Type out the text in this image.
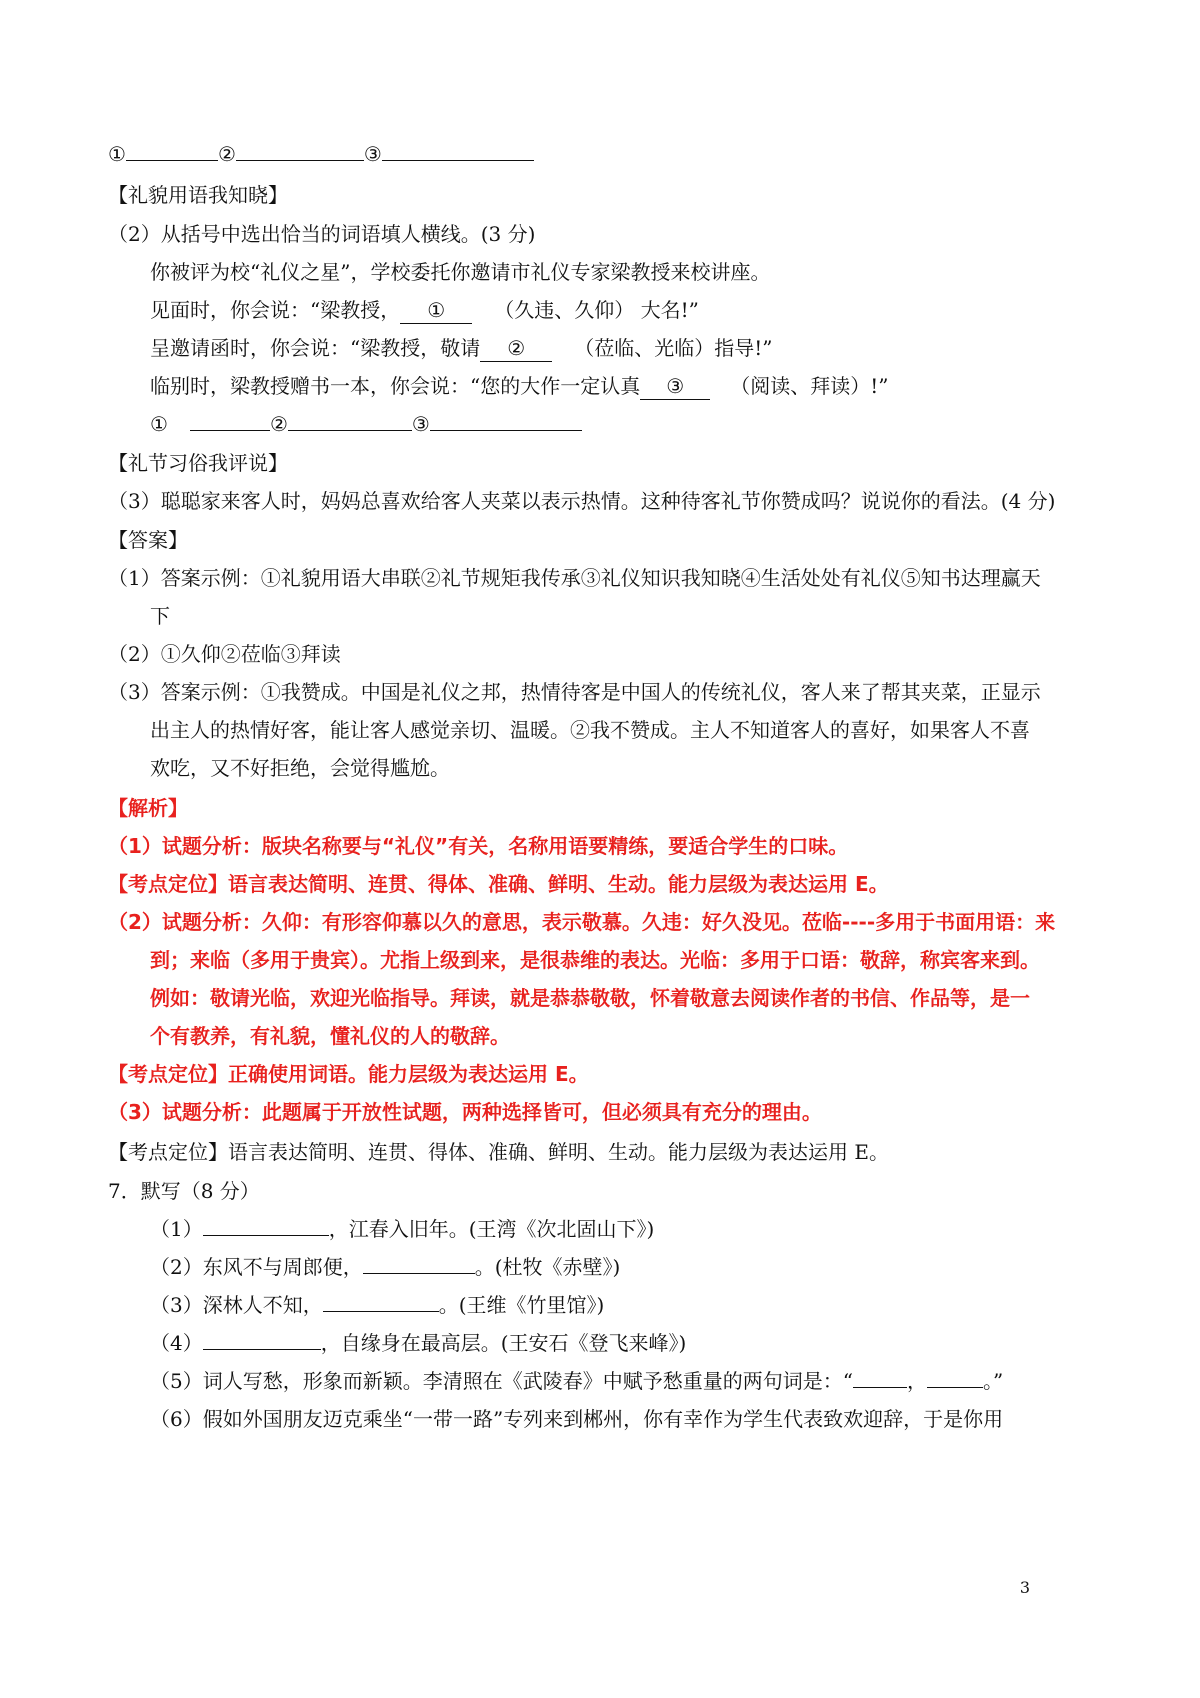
①	②	③
【礼貌用语我知晓】
（2）从括号中选出恰当的词语填人横线。(3 分)
你被评为校“礼仪之星”，学校委托你邀请市礼仪专家梁教授来校讲座。
见面时，你会说：“梁教授， ① （久违、久仰） 大名!”
呈邀请函时，你会说：“梁教授，敬请 ② （莅临、光临）指导!”
临别时，梁教授赠书一本，你会说：“您的大作一定认真 ③ （阅读、拜读）!”
①	②	③
【礼节习俗我评说】
（3）聪聪家来客人时，妈妈总喜欢给客人夹菜以表示热情。这种待客礼节你赞成吗？说说你的看法。(4 分)
【答案】
（1）答案示例：①礼貌用语大串联②礼节规矩我传承③礼仪知识我知晓④生活处处有礼仪⑤知书达理赢天
下
（2）①久仰②莅临③拜读
（3）答案示例：①我赞成。中国是礼仪之邦，热情待客是中国人的传统礼仪，客人来了帮其夹菜，正显示
出主人的热情好客，能让客人感觉亲切、温暖。②我不赞成。主人不知道客人的喜好，如果客人不喜
欢吃，又不好拒绝，会觉得尴尬。
【解析】
（1）试题分析：版块名称要与“礼仪”有关，名称用语要精练，要适合学生的口味。
【考点定位】语言表达简明、连贯、得体、准确、鲜明、生动。能力层级为表达运用 E。
（2）试题分析：久仰：有形容仰慕以久的意思，表示敬慕。久违：好久没见。莅临----多用于书面用语：来
到；来临（多用于贵宾）。尤指上级到来，是很恭维的表达。光临：多用于口语：敬辞，称宾客来到。
例如：敬请光临，欢迎光临指导。拜读，就是恭恭敬敬，怀着敬意去阅读作者的书信、作品等，是一
个有教养，有礼貌，懂礼仪的人的敬辞。
【考点定位】正确使用词语。能力层级为表达运用 E。
（3）试题分析：此题属于开放性试题，两种选择皆可，但必须具有充分的理由。
【考点定位】语言表达简明、连贯、得体、准确、鲜明、生动。能力层级为表达运用 E。
7．默写（8 分）
（1）	，江春入旧年。(王湾《次北固山下》)
（2）东风不与周郎便，	。(杜牧《赤壁》)
（3）深林人不知，	。(王维《竹里馆》)
（4）	，自缘身在最高层。(王安石《登飞来峰》)
（5）词人写愁，形象而新颖。李清照在《武陵春》中赋予愁重量的两句词是：“	，	。”
（6）假如外国朋友迈克乘坐“一带一路”专列来到郴州，你有幸作为学生代表致欢迎辞，于是你用
3
